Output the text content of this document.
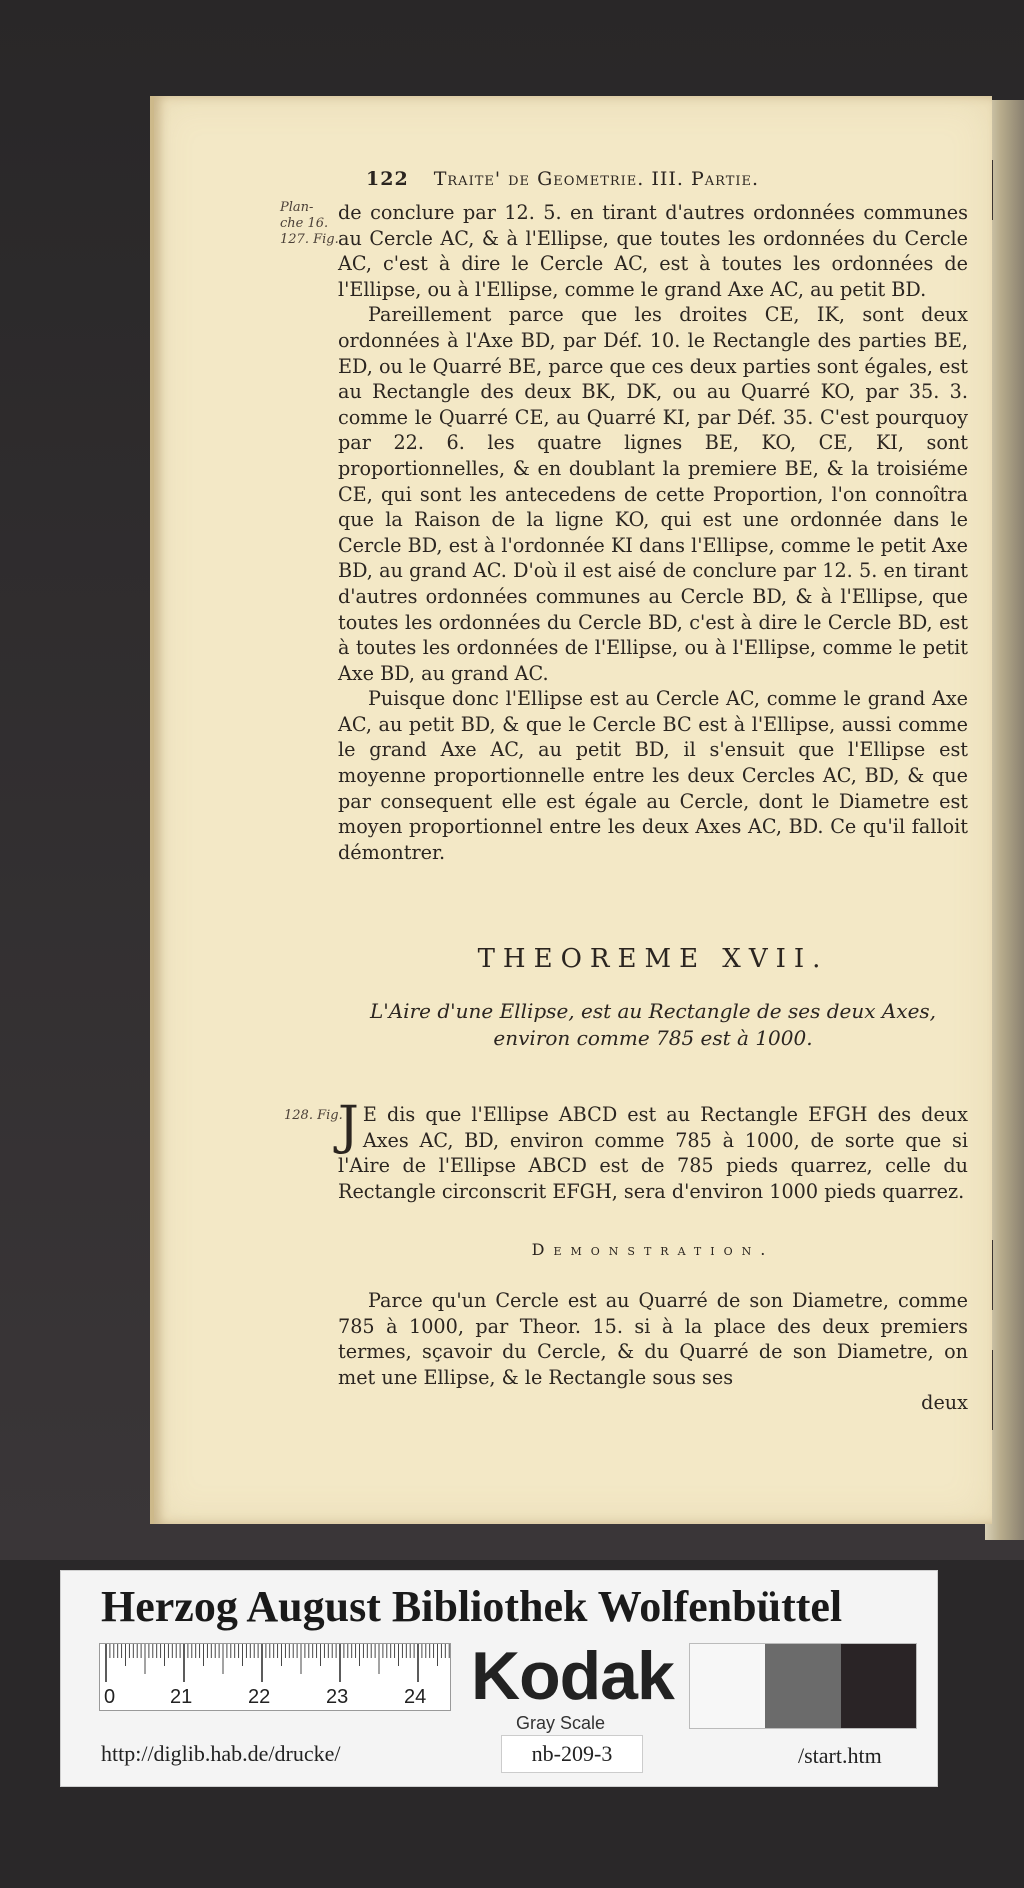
Plan-
che 16.
127. Fig.
122 Traite' de Geometrie. III. Partie.

de conclure par 12. 5. en tirant d'autres ordonnées communes au Cercle AC, & à l'Ellipse, que toutes les ordonnées du Cercle AC, c'est à dire le Cercle AC, est à toutes les ordonnées de l'Ellipse, ou à l'Ellipse, comme le grand Axe AC, au petit BD.

Pareillement parce que les droites CE, IK, sont deux ordonnées à l'Axe BD, par Déf. 10. le Rectangle des parties BE, ED, ou le Quarré BE, parce que ces deux parties sont égales, est au Rectangle des deux BK, DK, ou au Quarré KO, par 35. 3. comme le Quarré CE, au Quarré KI, par Déf. 35. C'est pourquoy par 22. 6. les quatre lignes BE, KO, CE, KI, sont proportionnelles, & en doublant la premiere BE, & la troisiéme CE, qui sont les antecedens de cette Proportion, l'on connoîtra que la Raison de la ligne KO, qui est une ordonnée dans le Cercle BD, est à l'ordonnée KI dans l'Ellipse, comme le petit Axe BD, au grand AC. D'où il est aisé de conclure par 12. 5. en tirant d'autres ordonnées communes au Cercle BD, & à l'Ellipse, que toutes les ordonnées du Cercle BD, c'est à dire le Cercle BD, est à toutes les ordonnées de l'Ellipse, ou à l'Ellipse, comme le petit Axe BD, au grand AC.

Puisque donc l'Ellipse est au Cercle AC, comme le grand Axe AC, au petit BD, & que le Cercle BC est à l'Ellipse, aussi comme le grand Axe AC, au petit BD, il s'ensuit que l'Ellipse est moyenne proportionnelle entre les deux Cercles AC, BD, & que par consequent elle est égale au Cercle, dont le Diametre est moyen proportionnel entre les deux Axes AC, BD. Ce qu'il falloit démontrer.

THEOREME XVII.
L'Aire d'une Ellipse, est au Rectangle de ses deux Axes, environ comme 785 est à 1000.
128. Fig.

J E dis que l'Ellipse ABCD est au Rectangle EFGH des deux Axes AC, BD, environ comme 785 à 1000, de sorte que si l'Aire de l'Ellipse ABCD est de 785 pieds quarrez, celle du Rectangle circonscrit EFGH, sera d'environ 1000 pieds quarrez.

Demonstration.

Parce qu'un Cercle est au Quarré de son Diametre, comme 785 à 1000, par Theor. 15. si à la place des deux premiers termes, sçavoir du Cercle, & du Quarré de son Diametre, on met une Ellipse, & le Rectangle sous ses

deux
Herzog August Bibliothek Wolfenbüttel
0	21	22	23	24 Kodak
Gray Scale
http://diglib.hab.de/drucke/	nb-209-3	/start.htm
